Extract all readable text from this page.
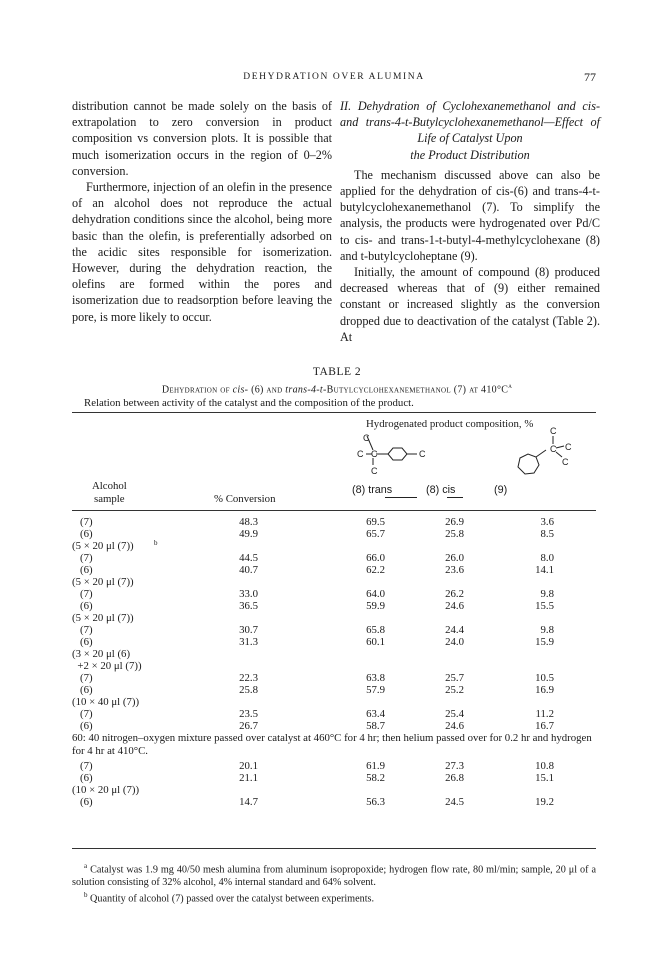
DEHYDRATION OVER ALUMINA	77

distribution cannot be made solely on the basis of extrapolation to zero conversion in product composition vs conversion plots. It is possible that much isomerization occurs in the region of 0–2% conversion.

Furthermore, injection of an olefin in the presence of an alcohol does not reproduce the actual dehydration conditions since the alcohol, being more basic than the olefin, is preferentially adsorbed on the acidic sites responsible for isomerization. However, during the dehydration reaction, the olefins are formed within the pores and isomerization due to readsorption before leaving the pore, is more likely to occur.

II. Dehydration of Cyclohexanemethanol and cis- and trans-4-t-Butylcyclohexanemethanol—Effect of Life of Catalyst Upon

the Product Distribution

The mechanism discussed above can also be applied for the dehydration of cis-(6) and trans-4-t-butylcyclohexanemethanol (7). To simplify the analysis, the products were hydrogenated over Pd/C to cis- and trans-1-t-butyl-4-methylcyclohexane (8) and t-butylcycloheptane (9).

Initially, the amount of compound (8) produced decreased whereas that of (9) either remained constant or increased slightly as the conversion dropped due to deactivation of the catalyst (Table 2). At

TABLE 2
Dehydration of cis- (6) and trans-4-t-Butylcyclohexanemethanol (7) at $410^\circ C^a$
Relation between activity of the catalyst and the composition of the product.
Hydrogenated product composition, %
C
C C	C
C
C
C C
C
Alcohol
sample	% Conversion
(8) trans	(8) cis	(9)
(7)	48.3	69.5	26.9	3.6
(6)	49.9	65.7	25.8	8.5
(5 × 20 μl (7))	b
(7)	44.5	66.0	26.0	8.0
(6)	40.7	62.2	23.6	14.1
(5 × 20 μl (7))
(7)	33.0	64.0	26.2	9.8
(6)	36.5	59.9	24.6	15.5
(5 × 20 μl (7))
(7)	30.7	65.8	24.4	9.8
(6)	31.3	60.1	24.0	15.9
(3 × 20 μl (6)
+2 × 20 μl (7))
(7)	22.3	63.8	25.7	10.5
(6)	25.8	57.9	25.2	16.9
(10 × 40 μl (7))
(7)	23.5	63.4	25.4	11.2
(6)	26.7	58.7	24.6	16.7
60: 40 nitrogen–oxygen mixture passed over catalyst at 460°C for 4 hr; then helium passed over for 0.2 hr and hydrogen for 4 hr at 410°C.
(7)	20.1	61.9	27.3	10.8
(6)	21.1	58.2	26.8	15.1
(10 × 20 μl (7))
(6)	14.7	56.3	24.5	19.2

$^a$ Catalyst was 1.9 mg 40/50 mesh alumina from aluminum isopropoxide; hydrogen flow rate, 80 ml/min; sample, 20 μl of a solution consisting of 32% alcohol, 4% internal standard and 64% solvent.

$^b$ Quantity of alcohol (7) passed over the catalyst between experiments.
